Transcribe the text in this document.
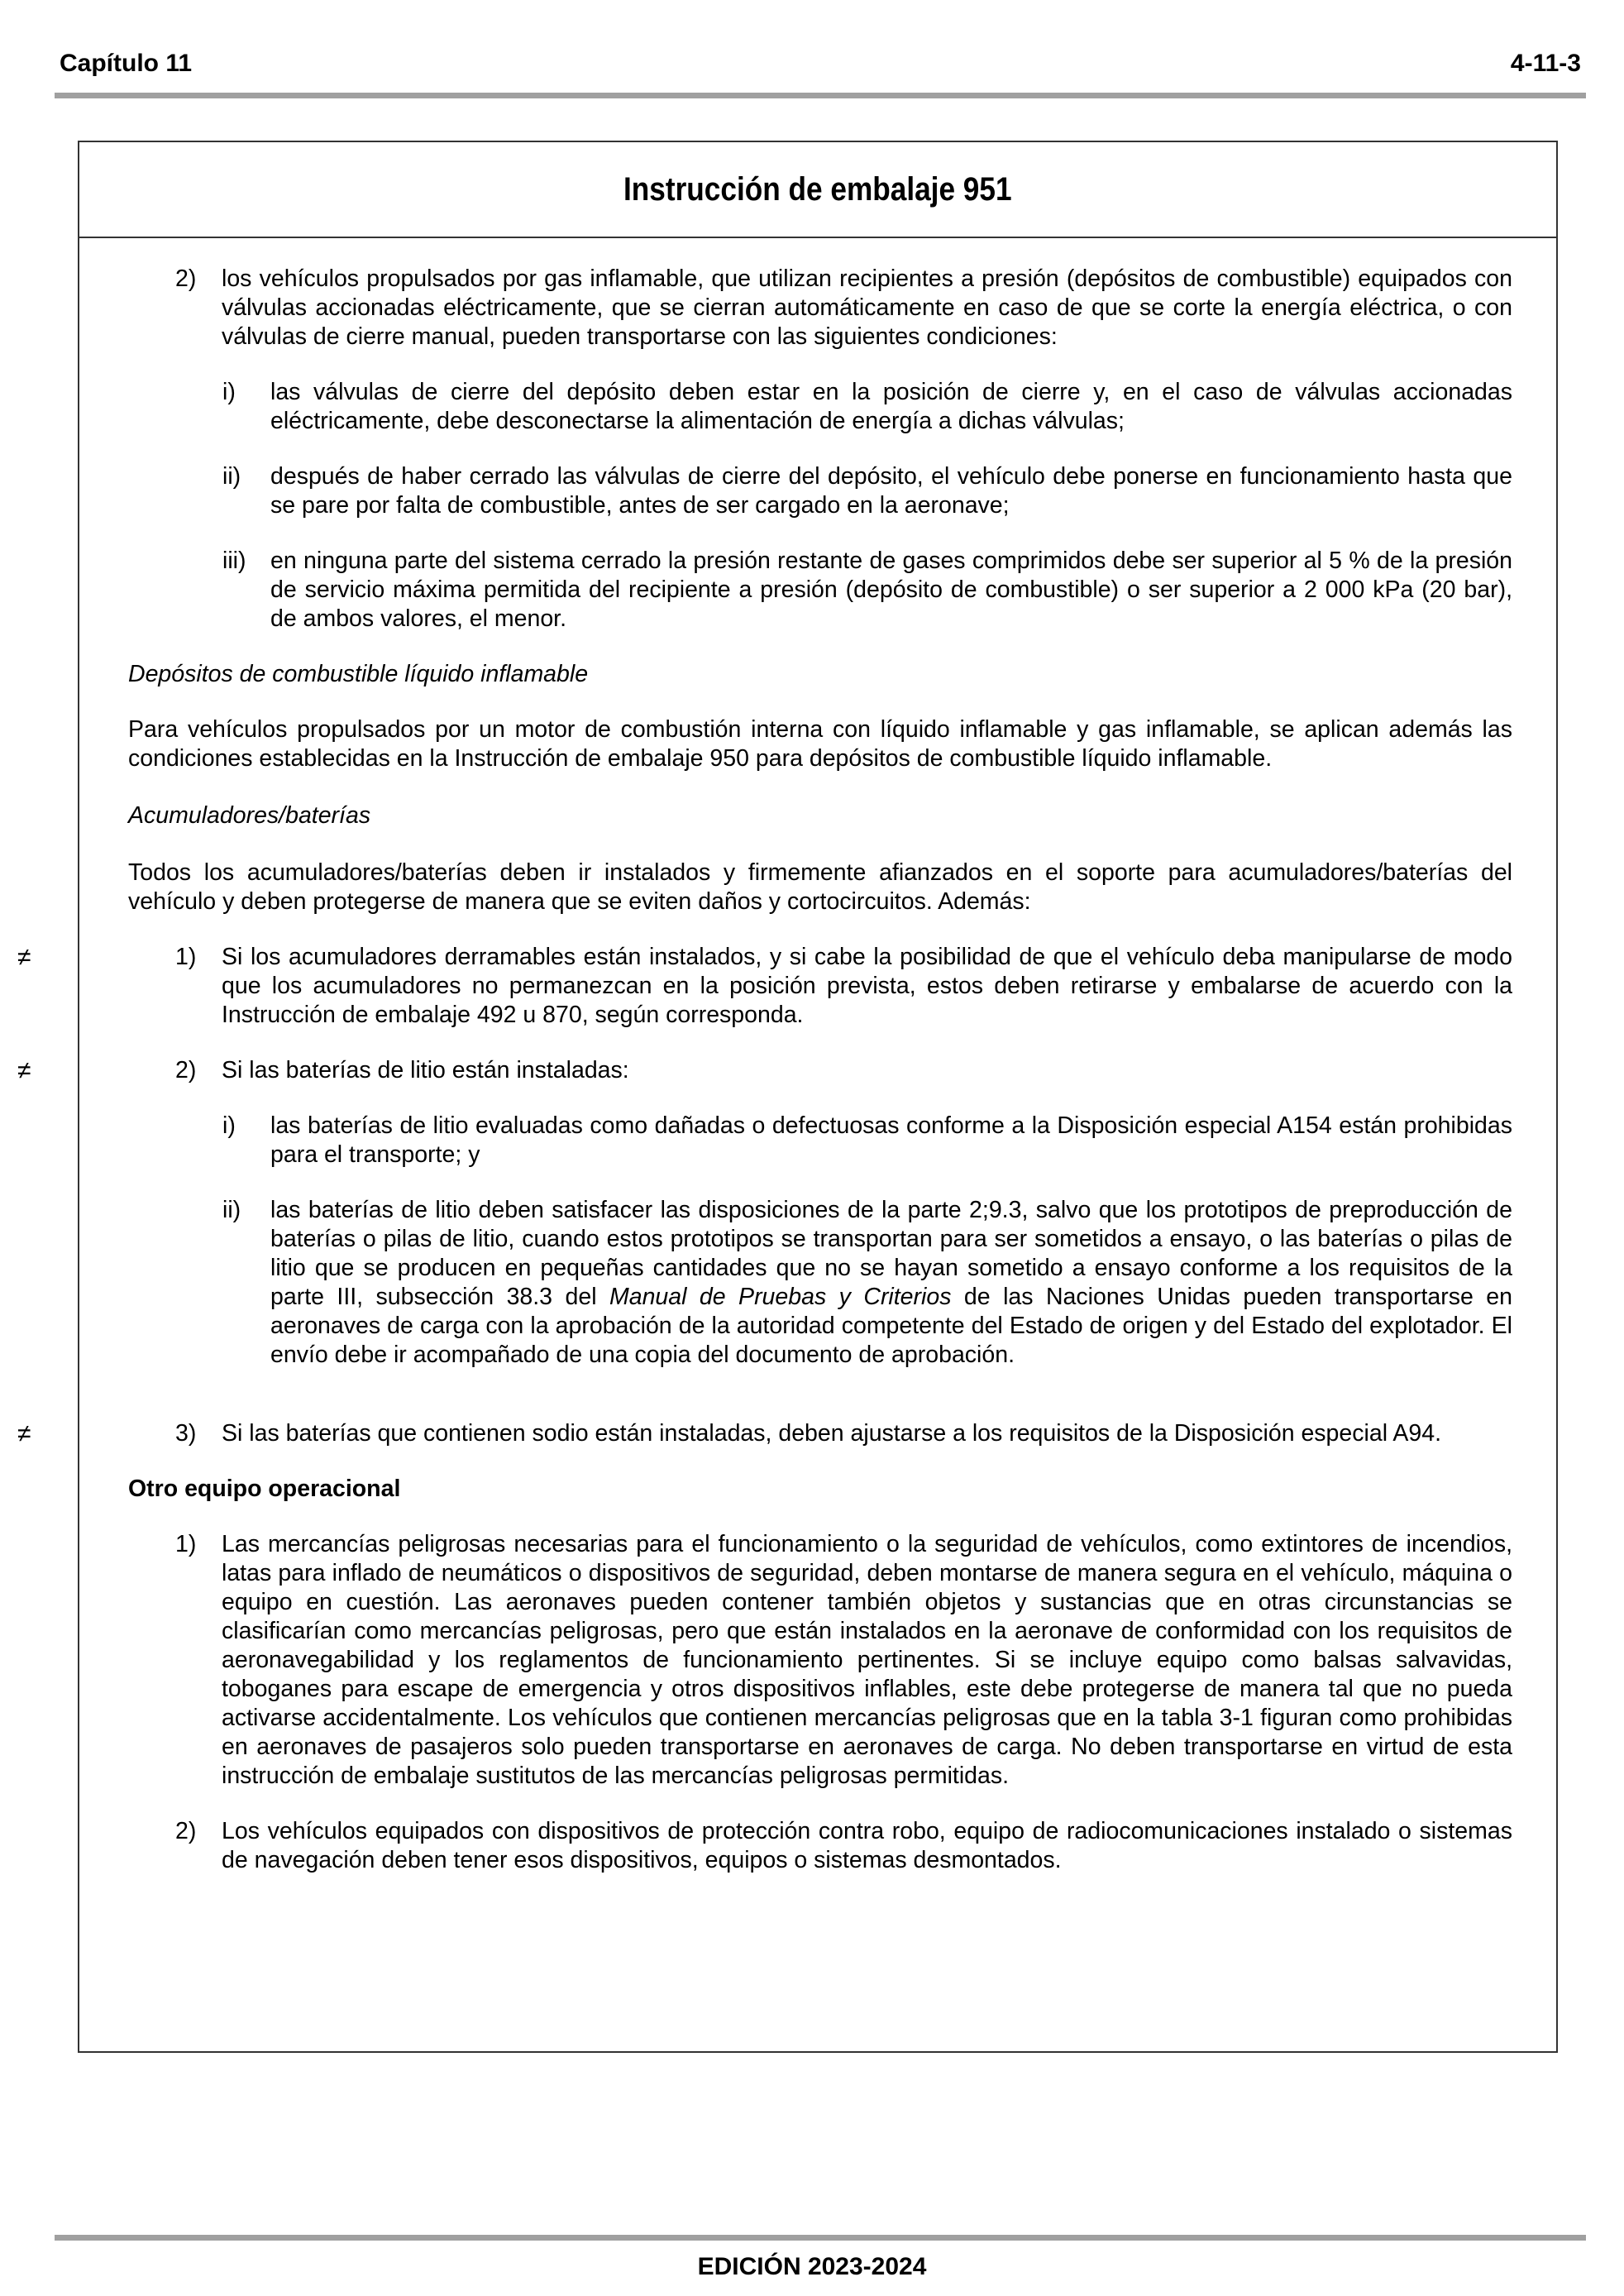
Capítulo 11	4-11-3
Instrucción de embalaje 951
2) los vehículos propulsados por gas inflamable, que utilizan recipientes a presión (depósitos de combustible) equipados con válvulas accionadas eléctricamente, que se cierran automáticamente en caso de que se corte la energía eléctrica, o con válvulas de cierre manual, pueden transportarse con las siguientes condiciones:
i) las válvulas de cierre del depósito deben estar en la posición de cierre y, en el caso de válvulas accionadas eléctricamente, debe desconectarse la alimentación de energía a dichas válvulas;
ii) después de haber cerrado las válvulas de cierre del depósito, el vehículo debe ponerse en funcionamiento hasta que se pare por falta de combustible, antes de ser cargado en la aeronave;
iii) en ninguna parte del sistema cerrado la presión restante de gases comprimidos debe ser superior al 5 % de la presión de servicio máxima permitida del recipiente a presión (depósito de combustible) o ser superior a 2 000 kPa (20 bar), de ambos valores, el menor.
Depósitos de combustible líquido inflamable
Para vehículos propulsados por un motor de combustión interna con líquido inflamable y gas inflamable, se aplican además las condiciones establecidas en la Instrucción de embalaje 950 para depósitos de combustible líquido inflamable.
Acumuladores/baterías
Todos los acumuladores/baterías deben ir instalados y firmemente afianzados en el soporte para acumuladores/baterías del vehículo y deben protegerse de manera que se eviten daños y cortocircuitos. Además:
≠	1) Si los acumuladores derramables están instalados, y si cabe la posibilidad de que el vehículo deba manipularse de modo que los acumuladores no permanezcan en la posición prevista, estos deben retirarse y embalarse de acuerdo con la Instrucción de embalaje 492 u 870, según corresponda.
≠	2) Si las baterías de litio están instaladas:
i) las baterías de litio evaluadas como dañadas o defectuosas conforme a la Disposición especial A154 están prohibidas para el transporte; y
ii) las baterías de litio deben satisfacer las disposiciones de la parte 2;9.3, salvo que los prototipos de preproducción de baterías o pilas de litio, cuando estos prototipos se transportan para ser sometidos a ensayo, o las baterías o pilas de litio que se producen en pequeñas cantidades que no se hayan sometido a ensayo conforme a los requisitos de la parte III, subsección 38.3 del Manual de Pruebas y Criterios de las Naciones Unidas pueden transportarse en aeronaves de carga con la aprobación de la autoridad competente del Estado de origen y del Estado del explotador. El envío debe ir acompañado de una copia del documento de aprobación.
≠	3) Si las baterías que contienen sodio están instaladas, deben ajustarse a los requisitos de la Disposición especial A94.
Otro equipo operacional
1) Las mercancías peligrosas necesarias para el funcionamiento o la seguridad de vehículos, como extintores de incendios, latas para inflado de neumáticos o dispositivos de seguridad, deben montarse de manera segura en el vehículo, máquina o equipo en cuestión. Las aeronaves pueden contener también objetos y sustancias que en otras circunstancias se clasificarían como mercancías peligrosas, pero que están instalados en la aeronave de conformidad con los requisitos de aeronavegabilidad y los reglamentos de funcionamiento pertinentes. Si se incluye equipo como balsas salvavidas, toboganes para escape de emergencia y otros dispositivos inflables, este debe protegerse de manera tal que no pueda activarse accidentalmente. Los vehículos que contienen mercancías peligrosas que en la tabla 3-1 figuran como prohibidas en aeronaves de pasajeros solo pueden transportarse en aeronaves de carga. No deben transportarse en virtud de esta instrucción de embalaje sustitutos de las mercancías peligrosas permitidas.
2) Los vehículos equipados con dispositivos de protección contra robo, equipo de radiocomunicaciones instalado o sistemas de navegación deben tener esos dispositivos, equipos o sistemas desmontados.
EDICIÓN 2023-2024
